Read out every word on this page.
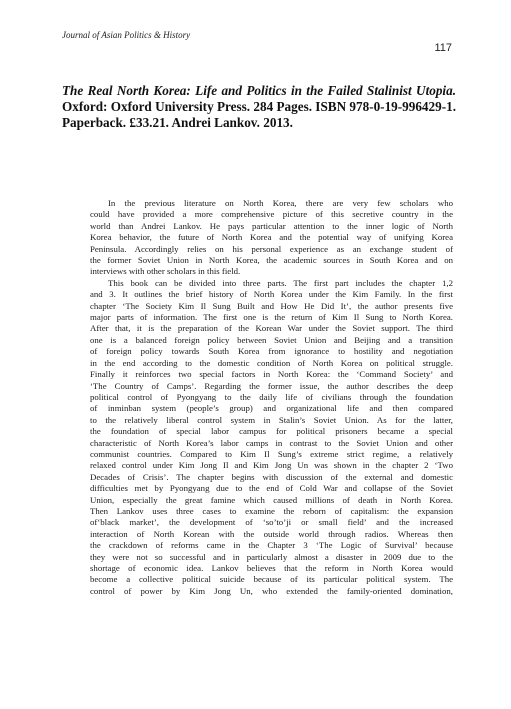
Journal of Asian Politics & History
117
The Real North Korea: Life and Politics in the Failed Stalinist Utopia. Oxford: Oxford University Press. 284 Pages. ISBN 978-0-19-996429-1. Paperback. £33.21. Andrei Lankov. 2013.
In the previous literature on North Korea, there are very few scholars who
could have provided a more comprehensive picture of this secretive country in the
world than Andrei Lankov. He pays particular attention to the inner logic of North
Korea behavior, the future of North Korea and the potential way of unifying Korea
Peninsula. Accordingly relies on his personal experience as an exchange student of
the former Soviet Union in North Korea, the academic sources in South Korea and on
interviews with other scholars in this field.
This book can be divided into three parts. The first part includes the chapter 1,2
and 3. It outlines the brief history of North Korea under the Kim Family. In the first
chapter ‘The Society Kim Il Sung Built and How He Did It’, the author presents five
major parts of information. The first one is the return of Kim Il Sung to North Korea.
After that, it is the preparation of the Korean War under the Soviet support. The third
one is a balanced foreign policy between Soviet Union and Beijing and a transition
of foreign policy towards South Korea from ignorance to hostility and negotiation
in the end according to the domestic condition of North Korea on political struggle.
Finally it reinforces two special factors in North Korea: the ‘Command Society’ and
‘The Country of Camps’. Regarding the former issue, the author describes the deep
political control of Pyongyang to the daily life of civilians through the foundation
of inminban system (people’s group) and organizational life and then compared
to the relatively liberal control system in Stalin’s Soviet Union. As for the latter,
the foundation of special labor campus for political prisoners became a special
characteristic of North Korea’s labor camps in contrast to the Soviet Union and other
communist countries. Compared to Kim Il Sung’s extreme strict regime, a relatively
relaxed control under Kim Jong Il and Kim Jong Un was shown in the chapter 2 ‘Two
Decades of Crisis’. The chapter begins with discussion of the external and domestic
difficulties met by Pyongyang due to the end of Cold War and collapse of the Soviet
Union, especially the great famine which caused millions of death in North Korea.
Then Lankov uses three cases to examine the reborn of capitalism: the expansion
of‘black market’, the development of ‘so’to’ji or small field’ and the increased
interaction of North Korean with the outside world through radios. Whereas then
the crackdown of reforms came in the Chapter 3 ‘The Logic of Survival’ because
they were not so successful and in particularly almost a disaster in 2009 due to the
shortage of economic idea. Lankov believes that the reform in North Korea would
become a collective political suicide because of its particular political system. The
control of power by Kim Jong Un, who extended the family-oriented domination,
